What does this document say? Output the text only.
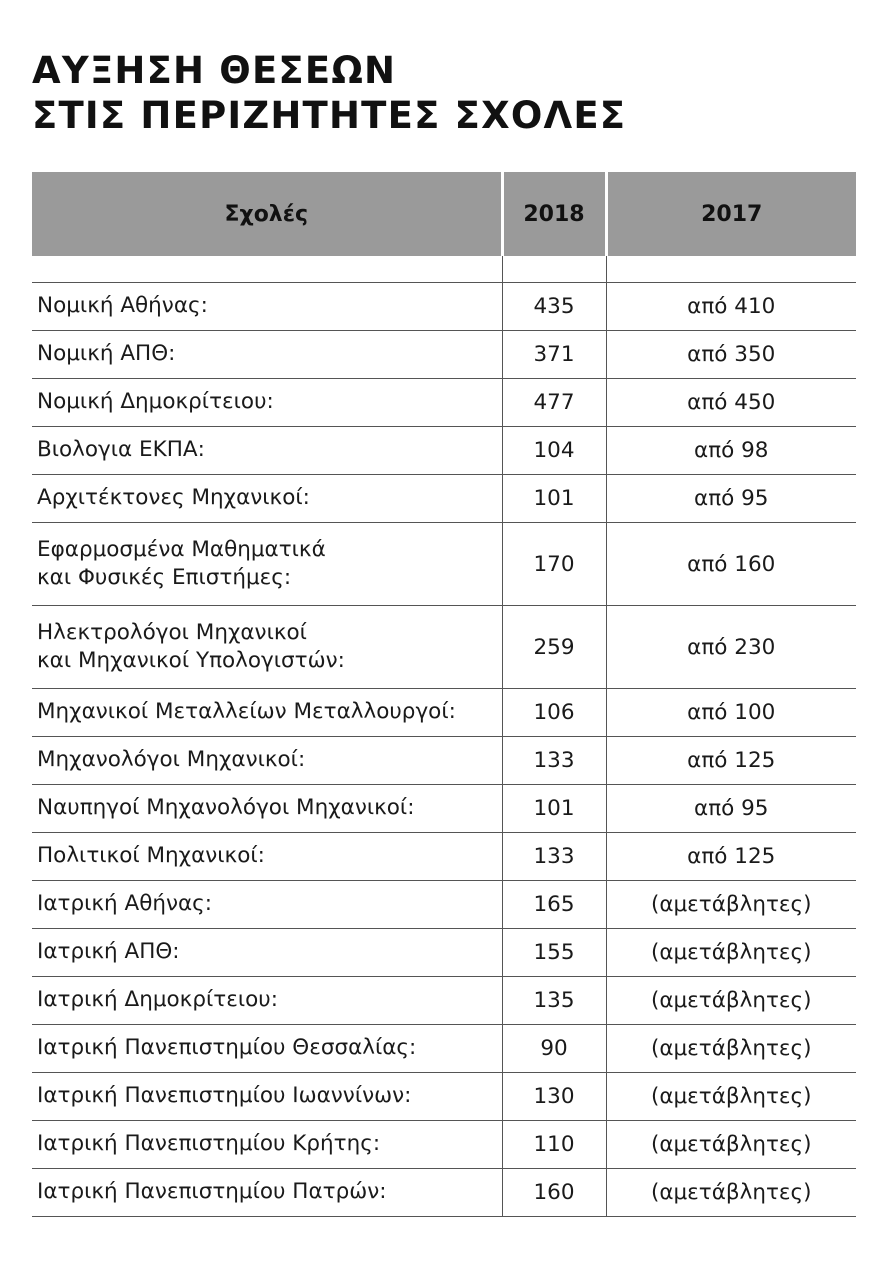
ΑΥΞΗΣΗ ΘΕΣΕΩΝ
ΣΤΙΣ ΠΕΡΙΖΗΤΗΤΕΣ ΣΧΟΛΕΣ
Σχολές	2018	2017

Νομική Αθήνας:	435	από 410
Νομική ΑΠΘ:	371	από 350
Νομική Δημοκρίτειου:	477	από 450
Βιολογια ΕΚΠΑ:	104	από 98
Αρχιτέκτονες Μηχανικοί:	101	από 95

Εφαρμοσμένα Μαθηματικά
και Φυσικές Επιστήμες:	170	από 160

Ηλεκτρολόγοι Μηχανικοί
και Μηχανικοί Υπολογιστών:	259	από 230
Μηχανικοί Μεταλλείων Μεταλλουργοί:	106	από 100
Μηχανολόγοι Μηχανικοί:	133	από 125
Ναυπηγοί Μηχανολόγοι Μηχανικοί:	101	από 95
Πολιτικοί Μηχανικοί:	133	από 125
Ιατρική Αθήνας:	165	(αμετάβλητες)
Ιατρική ΑΠΘ:	155	(αμετάβλητες)
Ιατρική Δημοκρίτειου:	135	(αμετάβλητες)
Ιατρική Πανεπιστημίου Θεσσαλίας:	90	(αμετάβλητες)
Ιατρική Πανεπιστημίου Ιωαννίνων:	130	(αμετάβλητες)
Ιατρική Πανεπιστημίου Κρήτης:	110	(αμετάβλητες)
Ιατρική Πανεπιστημίου Πατρών:	160	(αμετάβλητες)
